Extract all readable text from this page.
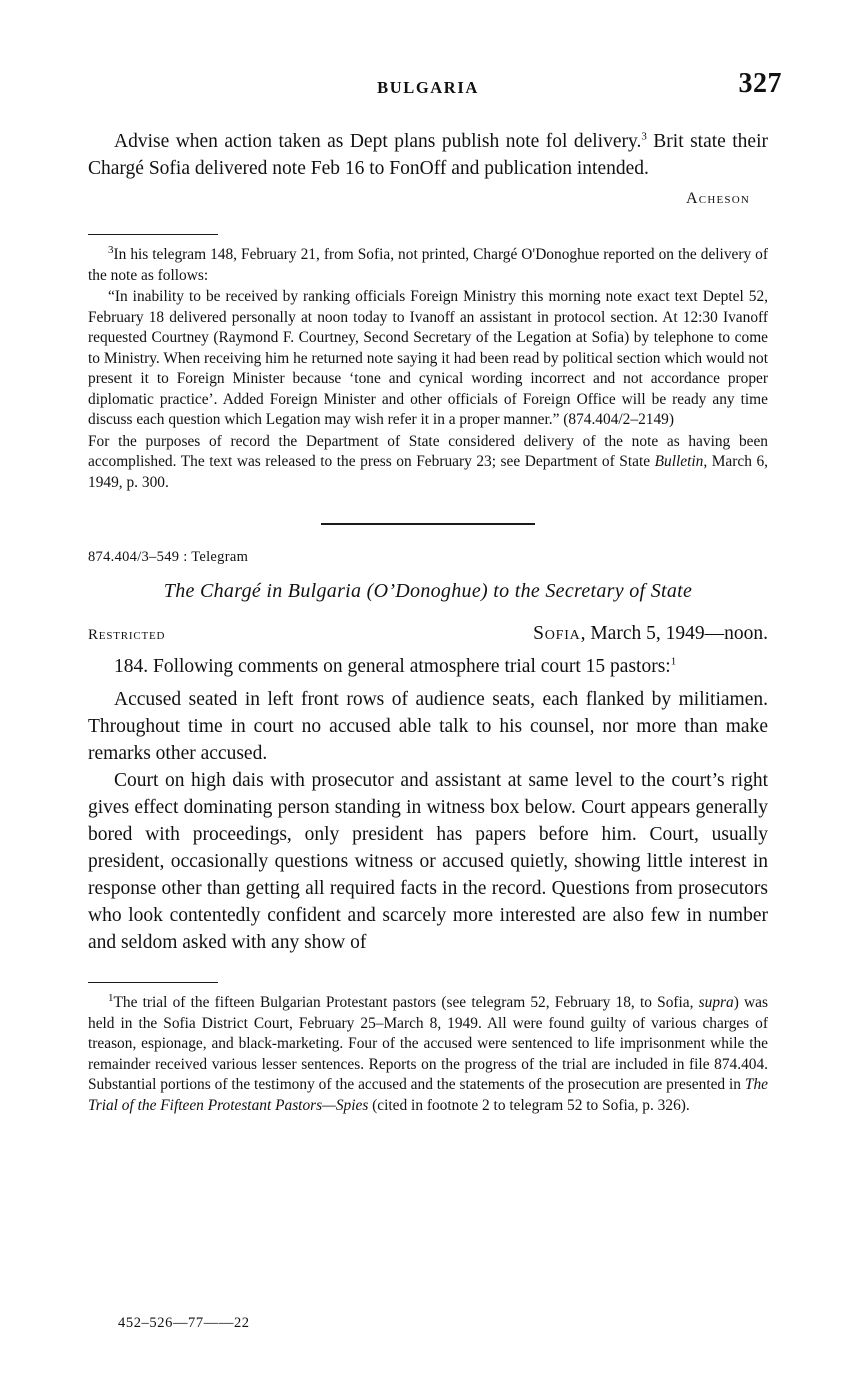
BULGARIA	327

Advise when action taken as Dept plans publish note fol delivery.$^3$ Brit state their Chargé Sofia delivered note Feb 16 to FonOff and publication intended.

Acheson

$^3$In his telegram 148, February 21, from Sofia, not printed, Chargé O'Donoghue reported on the delivery of the note as follows:

“In inability to be received by ranking officials Foreign Ministry this morning note exact text Deptel 52, February 18 delivered personally at noon today to Ivanoff an assistant in protocol section. At 12:30 Ivanoff requested Courtney (Raymond F. Courtney, Second Secretary of the Legation at Sofia) by telephone to come to Ministry. When receiving him he returned note saying it had been read by political section which would not present it to Foreign Minister because ‘tone and cynical wording incorrect and not accordance proper diplomatic practice’. Added Foreign Minister and other officials of Foreign Office will be ready any time discuss each question which Legation may wish refer it in a proper manner.” (874.404/2–2149)

For the purposes of record the Department of State considered delivery of the note as having been accomplished. The text was released to the press on February 23; see Department of State Bulletin, March 6, 1949, p. 300.

874.404/3–549 : Telegram
The Chargé in Bulgaria (O’Donoghue) to the Secretary of State
Restricted	Sofia, March 5, 1949—noon.

184. Following comments on general atmosphere trial court 15 pastors:$^1$

Accused seated in left front rows of audience seats, each flanked by militiamen. Throughout time in court no accused able talk to his counsel, nor more than make remarks other accused.

Court on high dais with prosecutor and assistant at same level to the court’s right gives effect dominating person standing in witness box below. Court appears generally bored with proceedings, only president has papers before him. Court, usually president, occasionally questions witness or accused quietly, showing little interest in response other than getting all required facts in the record. Questions from prosecutors who look contentedly confident and scarcely more interested are also few in number and seldom asked with any show of

$^1$The trial of the fifteen Bulgarian Protestant pastors (see telegram 52, February 18, to Sofia, supra) was held in the Sofia District Court, February 25–March 8, 1949. All were found guilty of various charges of treason, espionage, and black-marketing. Four of the accused were sentenced to life imprisonment while the remainder received various lesser sentences. Reports on the progress of the trial are included in file 874.404. Substantial portions of the testimony of the accused and the statements of the prosecution are presented in The Trial of the Fifteen Protestant Pastors—Spies (cited in footnote 2 to telegram 52 to Sofia, p. 326).

452–526—77——22
